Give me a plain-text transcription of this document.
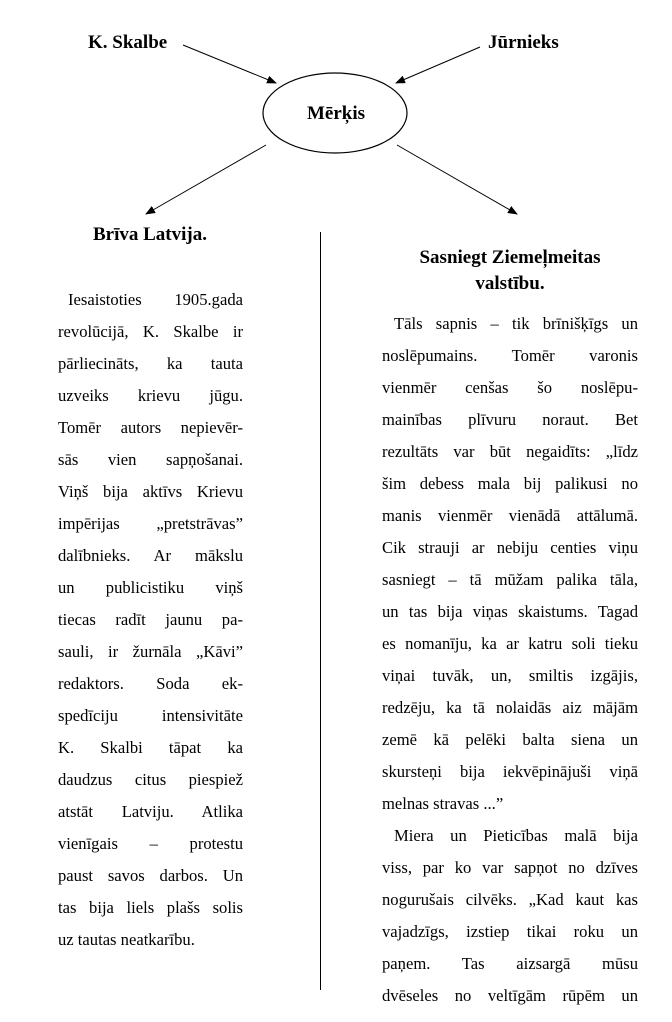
K. Skalbe	Jūrnieks
Mērķis
Brīva Latvija.
Iesaistoties 1905.gada
revolūcijā, K. Skalbe ir
pārliecināts, ka tauta
uzveiks krievu jūgu.
Tomēr autors nepievēr-
sās vien sapņošanai.
Viņš bija aktīvs Krievu
impērijas „pretstrāvas”
dalībnieks. Ar mākslu
un publicistiku viņš
tiecas radīt jaunu pa-
sauli, ir žurnāla „Kāvi”
redaktors. Soda ek-
spedīciju intensivitāte
K. Skalbi tāpat ka
daudzus citus piespiež
atstāt Latviju. Atlika
vienīgais – protestu
paust savos darbos. Un
tas bija liels plašs solis
uz tautas neatkarību.
Sasniegt Ziemeļmeitas
valstību.
Tāls sapnis – tik brīnišķīgs un
noslēpumains. Tomēr varonis
vienmēr cenšas šo noslēpu-
mainības plīvuru noraut. Bet
rezultāts var būt negaidīts: „līdz
šim debess mala bij palikusi no
manis vienmēr vienādā attālumā.
Cik strauji ar nebiju centies viņu
sasniegt – tā mūžam palika tāla,
un tas bija viņas skaistums. Tagad
es nomanīju, ka ar katru soli tieku
viņai tuvāk, un, smiltis izgājis,
redzēju, ka tā nolaidās aiz mājām
zemē kā pelēki balta siena un
skursteņi bija iekvēpinājuši viņā
melnas stravas ...”
Miera un Pieticības malā bija
viss, par ko var sapņot no dzīves
nogurušais cilvēks. „Kad kaut kas
vajadzīgs, izstiep tikai roku un
paņem. Tas aizsargā mūsu
dvēseles no veltīgām rūpēm un
